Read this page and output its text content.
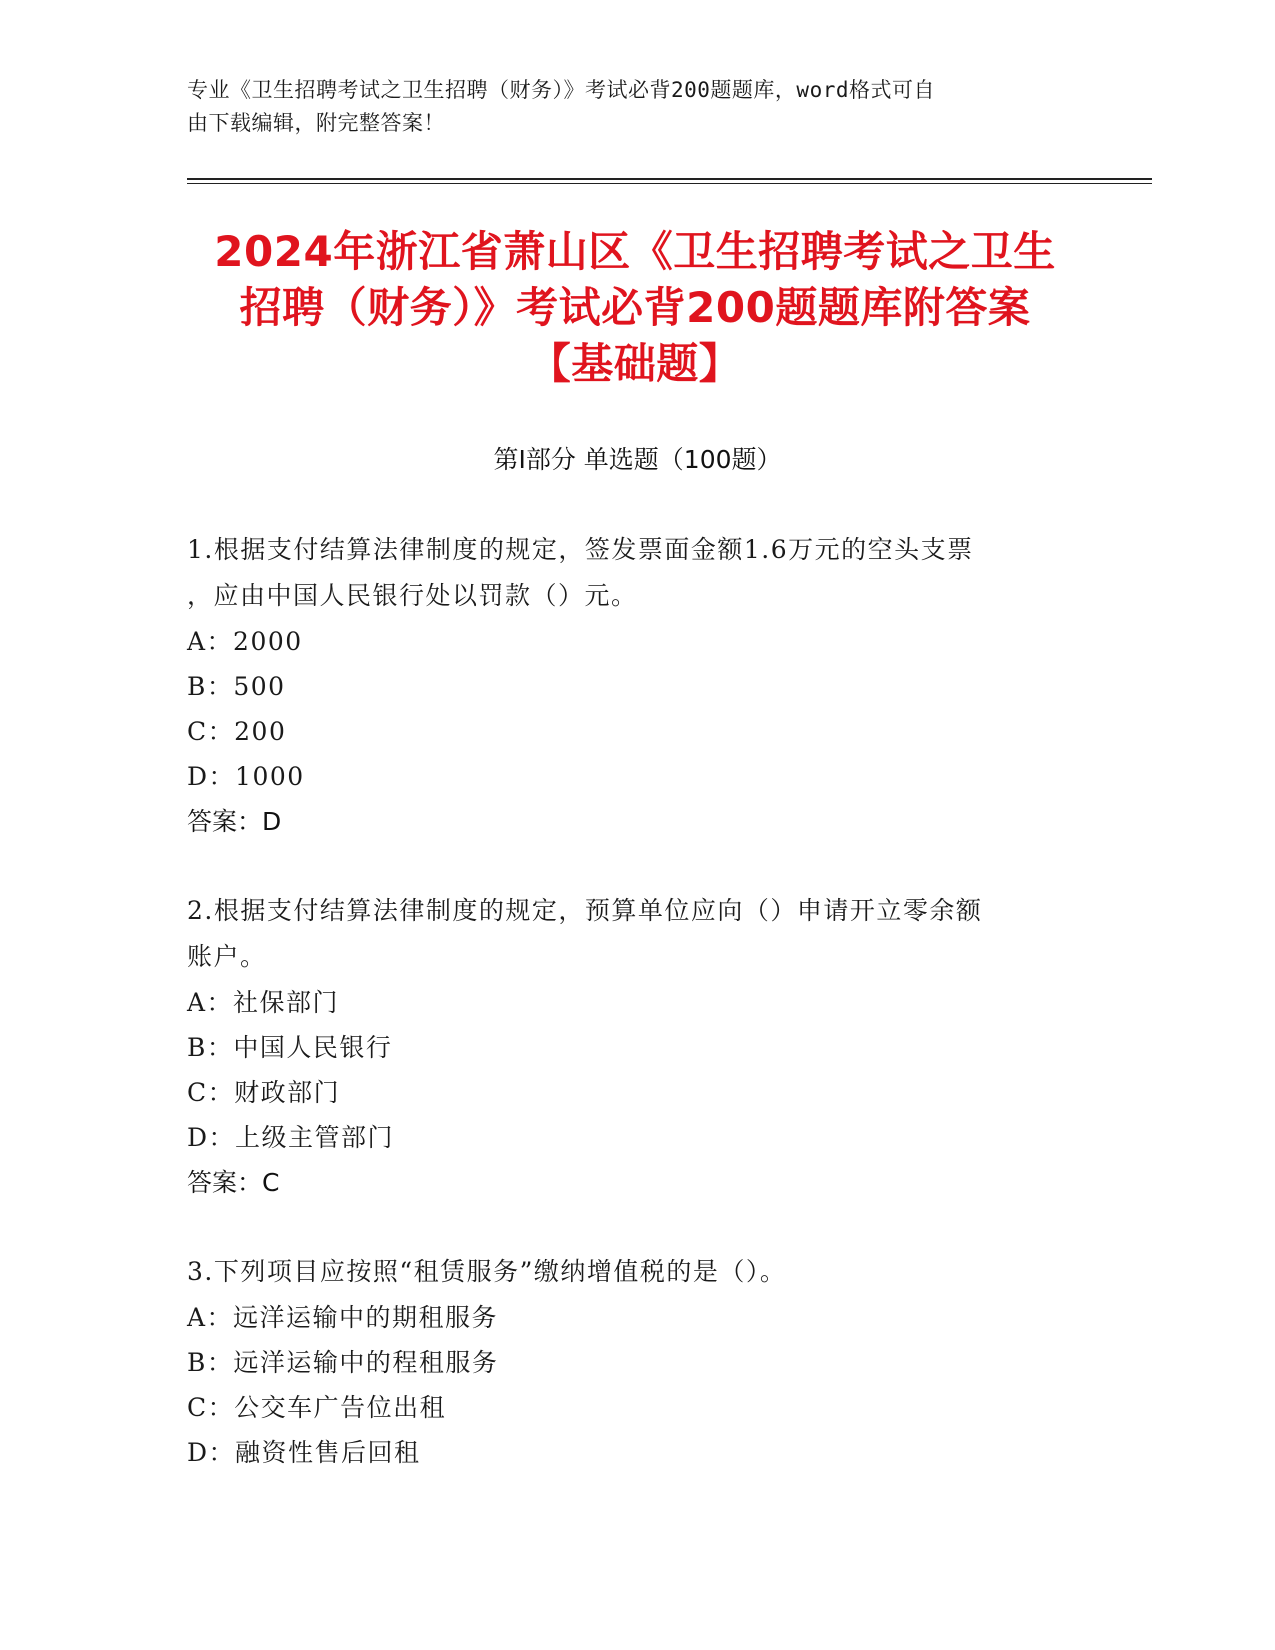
专业《卫生招聘考试之卫生招聘（财务）》考试必背200题题库，word格式可自
由下载编辑，附完整答案！
2024年浙江省萧山区《卫生招聘考试之卫生
招聘（财务）》考试必背200题题库附答案
【基础题】
第Ⅰ部分 单选题（100题）
1.根据支付结算法律制度的规定，签发票面金额1.6万元的空头支票
，应由中国人民银行处以罚款（）元。
A：2000
B：500
C：200
D：1000
答案：D
2.根据支付结算法律制度的规定，预算单位应向（）申请开立零余额
账户。
A：社保部门
B：中国人民银行
C：财政部门
D：上级主管部门
答案：C
3.下列项目应按照“租赁服务”缴纳增值税的是（）。
A：远洋运输中的期租服务
B：远洋运输中的程租服务
C：公交车广告位出租
D：融资性售后回租
